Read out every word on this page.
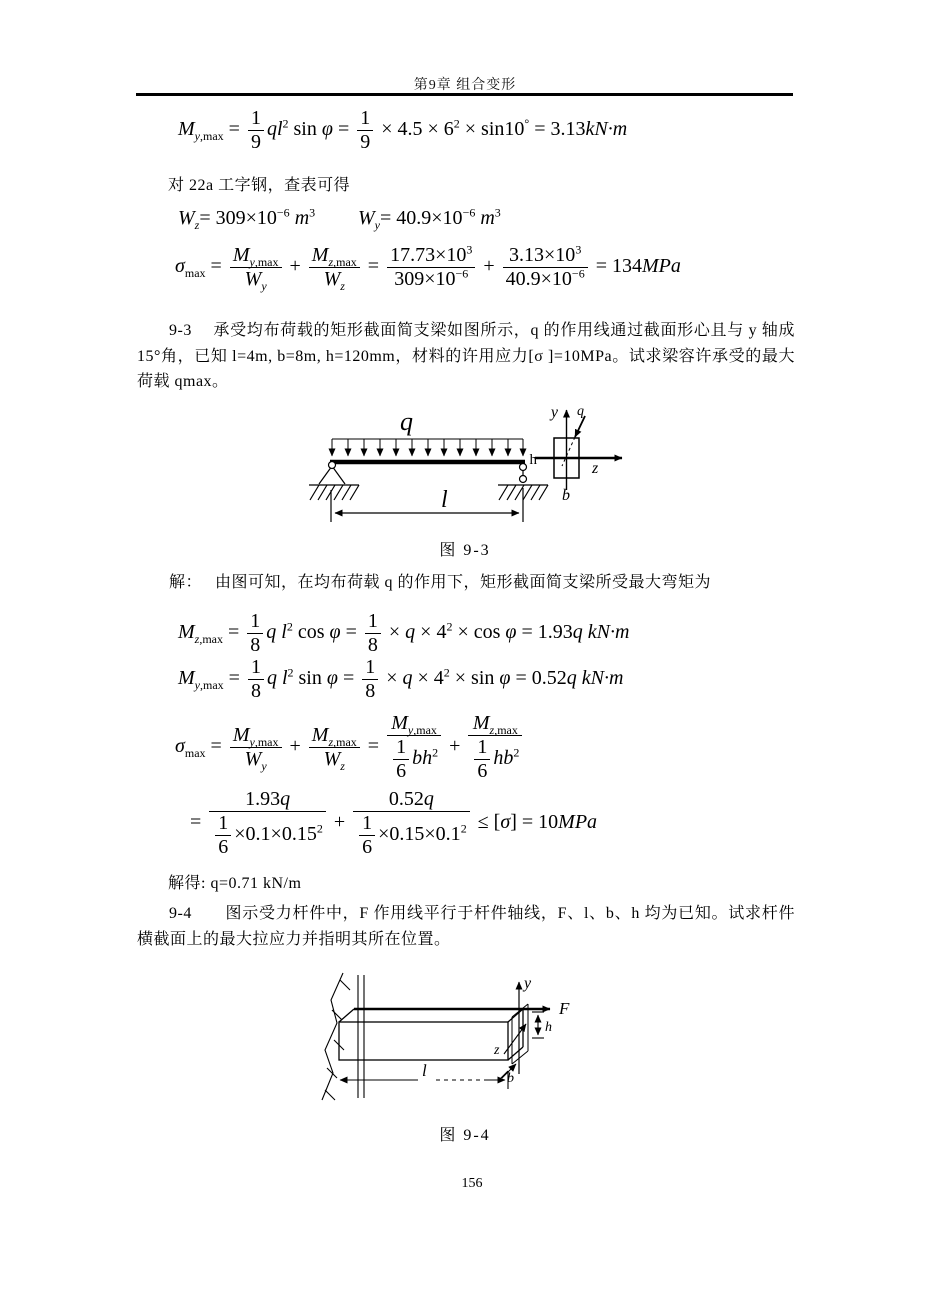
第9章 组合变形
$M_{y,max} = \frac{1}{9} ql^2$ $\sin \varphi = \frac{1}{9} \times 4.5 \times 6^2 \times \sin 10^\circ = 3.13kN\cdot m$
对 22a 工字钢，查表可得
$W_z= 309\times 10^{-6}$ $m^3$ $W_y= 40.9\times 10^{-6}$ $m^3$
$\sigma_{max} = \frac{M_{y,max}}{W_y} + \frac{M_{z,max}}{W_z} = \frac{17.73\times 10^3}{309\times 10^{-6}} + \frac{3.13\times 10^3}{40.9\times 10^{-6}} = 134MPa$
9-3　 承受均布荷载的矩形截面简支梁如图所示，q 的作用线通过截面形心且与 y 轴成15°角，已知 l=4m, b=8m, h=120mm，材料的许用应力[σ ]=10MPa。试求梁容许承受的最大荷载 qmax。
q
l
y
z
h
b
q
图 9-3
解：　 由图可知，在均布荷载 q 的作用下，矩形截面简支梁所受最大弯矩为
$M_{z,max} = \frac{1}{8}$ q $l^2$ $\cos \varphi = \frac{1}{8} \times q \times 4^2 \times \cos \varphi = 1.93q$ kN·m
$M_{y,max} = \frac{1}{8}$ q $l^2$ $\sin \varphi = \frac{1}{8} \times q \times 4^2 \times \sin \varphi = 0.52q$ kN·m
$\sigma_{max} = \frac{M_{y,max}}{W_y} + \frac{M_{z,max}}{W_z} = \frac{M_{y,max}}{\frac{1}{6} bh^2} + \frac{M_{z,max}}{\frac{1}{6} hb^2}$
= $\frac{1.93q}{\frac{1}{6} \times 0.1\times 0.15^2} + \frac{0.52q}{\frac{1}{6} \times 0.15\times 0.1^2} \le [\sigma] = 10MPa$
解得: q=0.71 kN/m
9-4　　图示受力杆件中，F 作用线平行于杆件轴线，F、l、b、h 均为已知。试求杆件横截面上的最大拉应力并指明其所在位置。
F
y
h
b
z
l
图 9-4
156
